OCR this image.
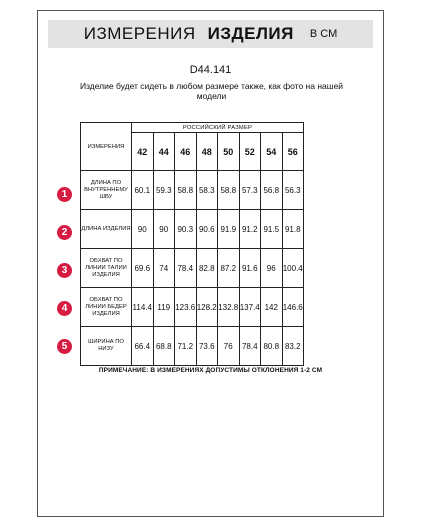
ИЗМЕРЕНИЯ ИЗДЕЛИЯ В СМ
D44.141
Изделие будет сидеть в любом размере также, как фото на нашей модели
1
2
3
4
5
ИЗМЕРЕНИЯ	РОССИЙСКИЙ РАЗМЕР							
	42	44	46	48	50	52	54	56
ДЛИНА ПО ВНУТРЕННЕМУ ШВУ	60.1	59.3	58.8	58.3	58.8	57.3	56.8	56.3
ДЛИНА ИЗДЕЛИЯ	90	90	90.3	90.6	91.9	91.2	91.5	91.8
ОБХВАТ ПО ЛИНИИ ТАЛИИ ИЗДЕЛИЯ	69.6	74	78.4	82.8	87.2	91.6	96	100.4
ОБХВАТ ПО ЛИНИИ БЕДЕР ИЗДЕЛИЯ	114.4	119	123.6	128.2	132.8	137.4	142	146.6
ШИРИНА ПО НИЗУ	66.4	68.8	71.2	73.6	76	78.4	80.8	83.2
ПРИМЕЧАНИЕ: В ИЗМЕРЕНИЯХ ДОПУСТИМЫ ОТКЛОНЕНИЯ 1-2 СМ
